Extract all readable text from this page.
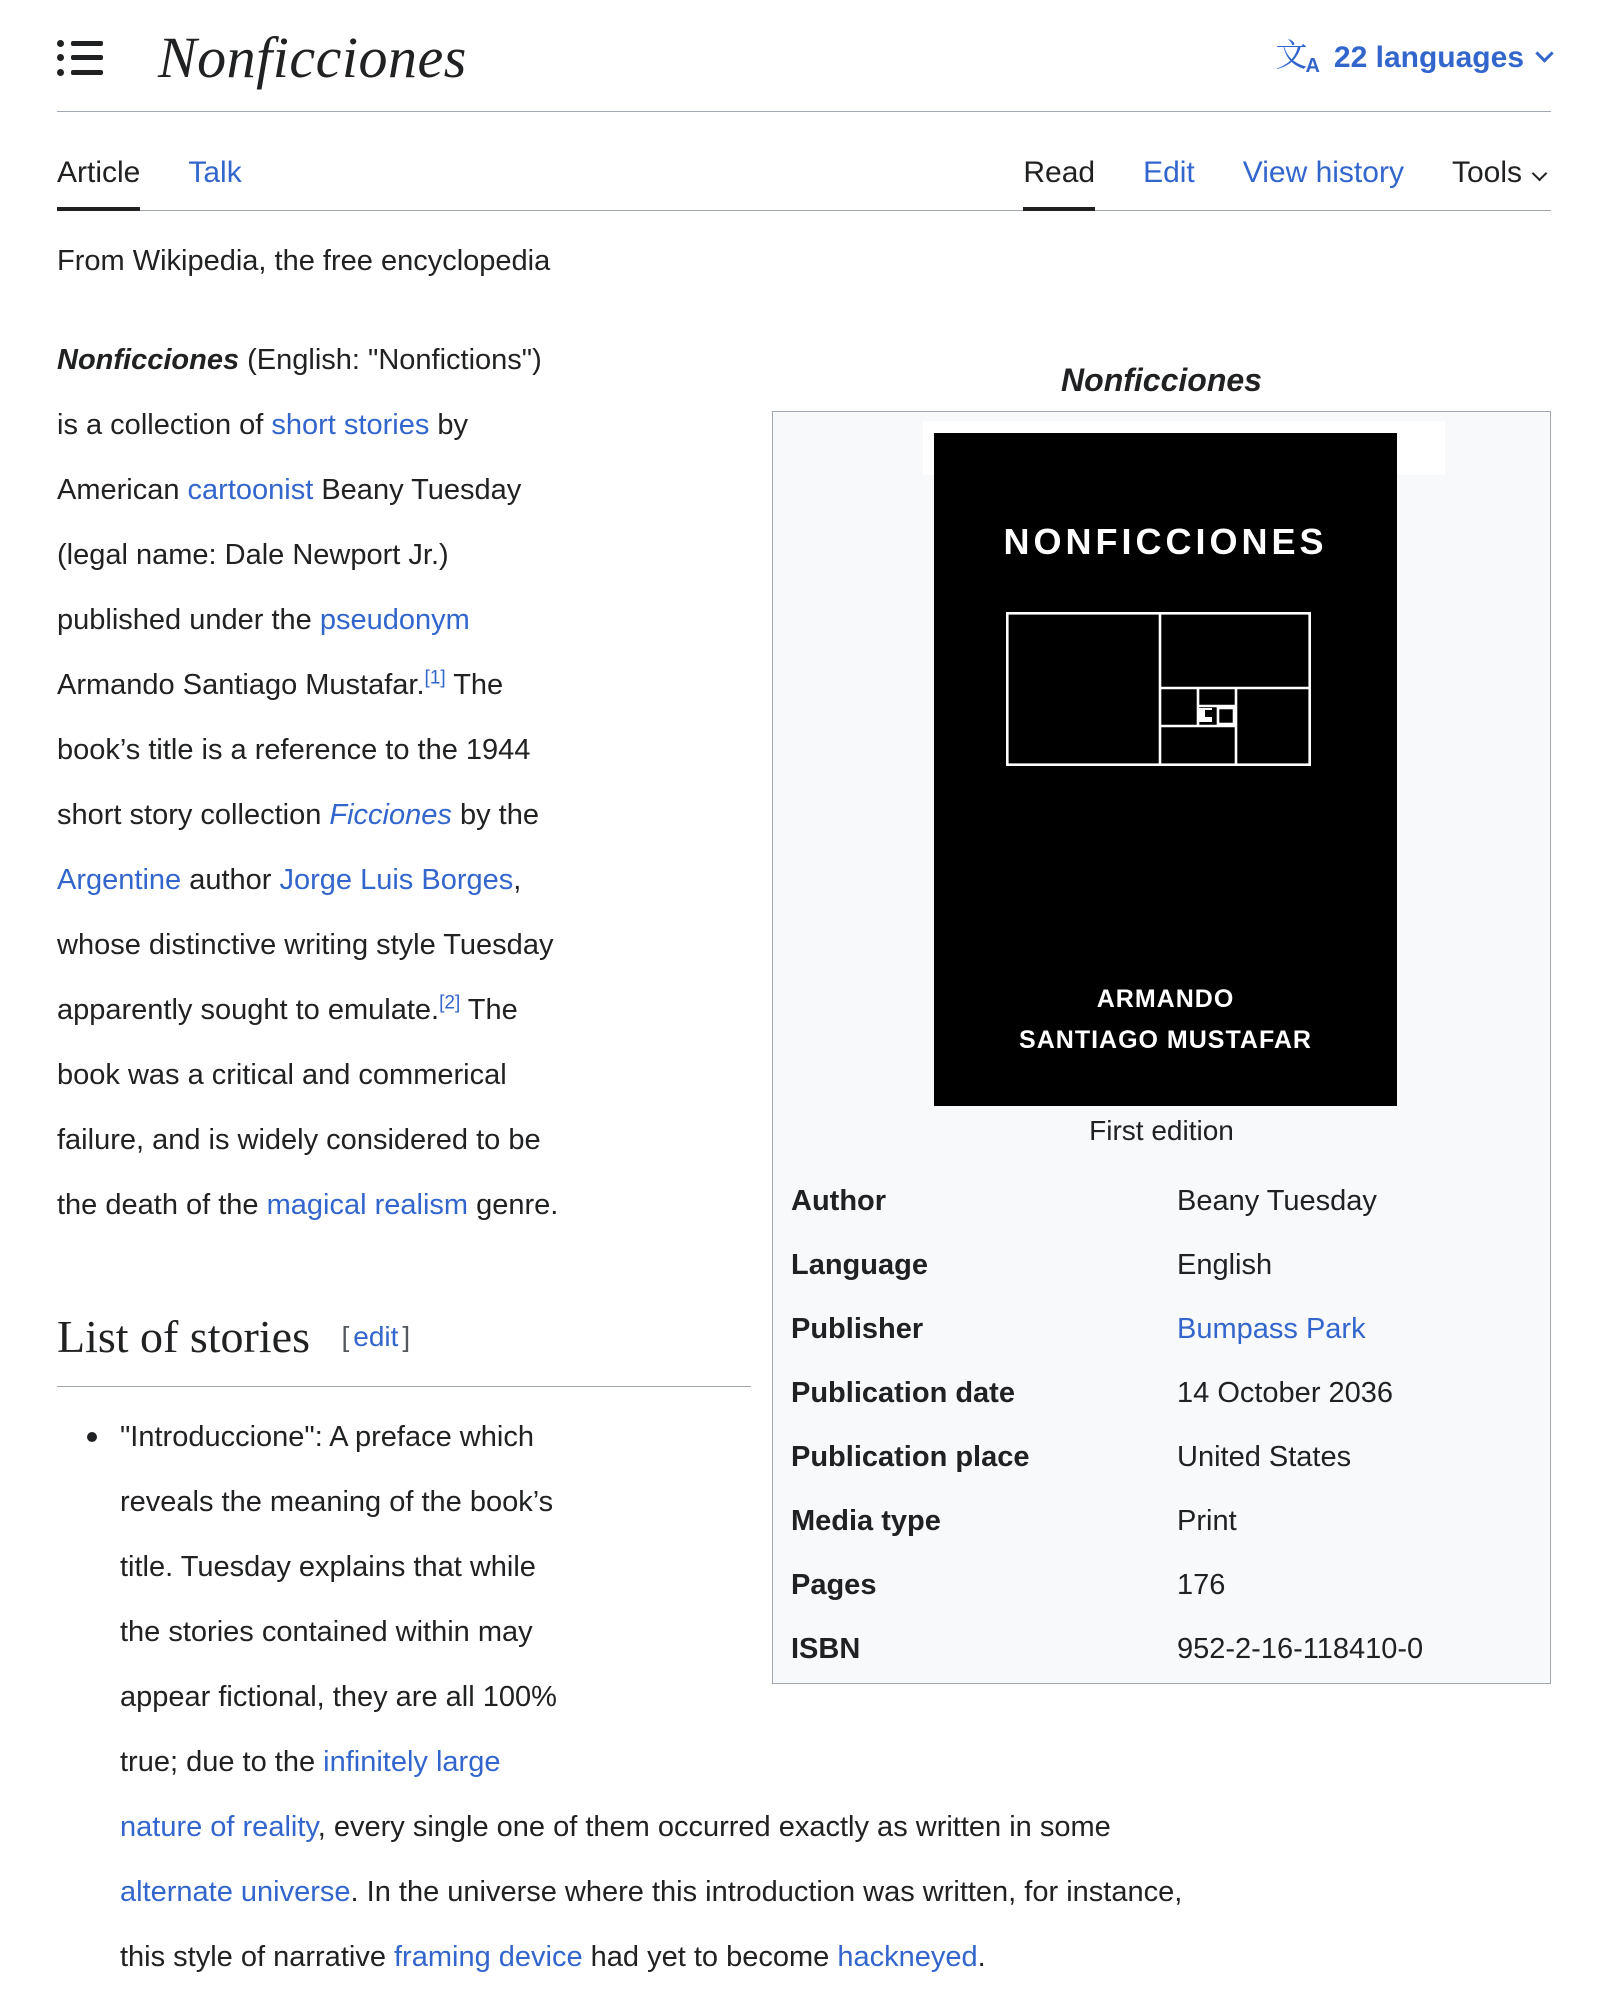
Nonficciones	文A 22 languages
Article Talk	Read Edit View history Tools
From Wikipedia, the free encyclopedia
Nonficciones
NONFICCIONES
ARMANDO
SANTIAGO MUSTAFAR
First edition
Author	Beany Tuesday
Language	English
Publisher	Bumpass Park
Publication date	14 October 2036
Publication place	United States
Media type	Print
Pages	176
ISBN	952-2-16-118410-0

Nonficciones (English: "Nonfictions")
is a collection of short stories by
American cartoonist Beany Tuesday
(legal name: Dale Newport Jr.)
published under the pseudonym
Armando Santiago Mustafar.[1] The
book’s title is a reference to the 1944
short story collection Ficciones by the
Argentine author Jorge Luis Borges,
whose distinctive writing style Tuesday
apparently sought to emulate.[2] The
book was a critical and commerical
failure, and is widely considered to be
the death of the magical realism genre.

List of stories [ edit ]
"Introduccione": A preface which
reveals the meaning of the book’s
title. Tuesday explains that while
the stories contained within may
appear fictional, they are all 100%
true; due to the infinitely large
nature of reality, every single one of them occurred exactly as written in some
alternate universe. In the universe where this introduction was written, for instance,
this style of narrative framing device had yet to become hackneyed.
